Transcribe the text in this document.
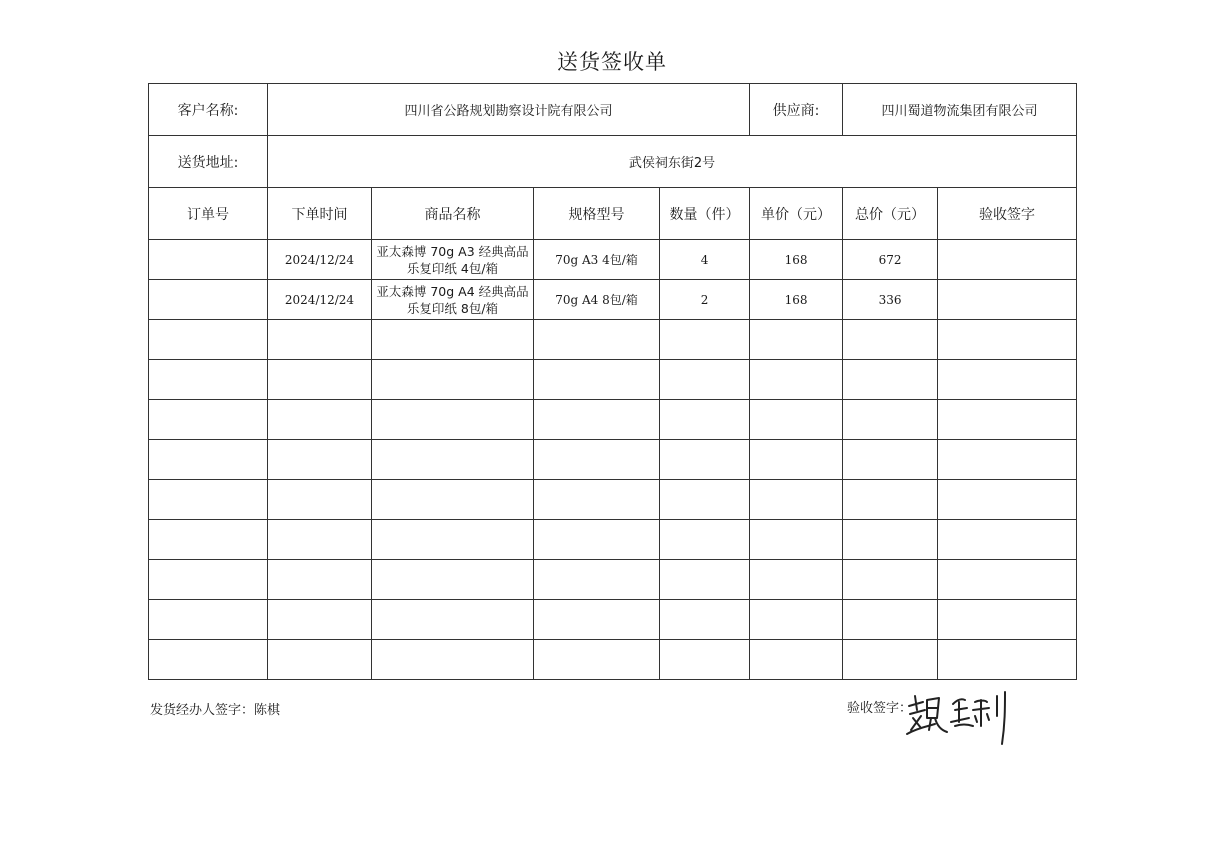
送货签收单
客户名称:	四川省公路规划勘察设计院有限公司				供应商:	四川蜀道物流集团有限公司	
送货地址:	武侯祠东街2号						
订单号	下单时间	商品名称	规格型号	数量（件）	单价（元）	总价（元）	验收签字
	2024/12/24	亚太森博 70g A3 经典高品乐复印纸 4包/箱	70g A3 4包/箱	4	168	672	
	2024/12/24	亚太森博 70g A4 经典高品乐复印纸 8包/箱	70g A4 8包/箱	2	168	336	

发货经办人签字：陈棋	验收签字：
